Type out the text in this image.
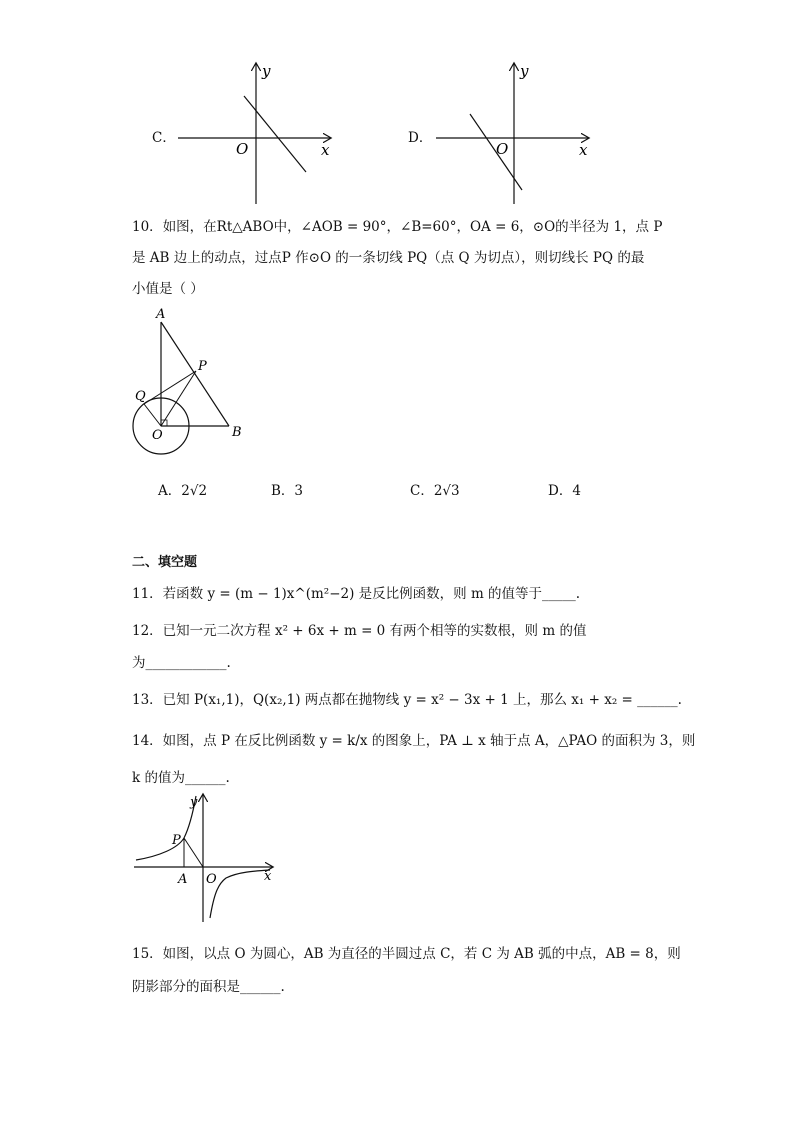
C．
y
x
O
D．
y
x
O
10．如图，在Rt△ABO中，∠AOB = 90°，∠B=60°，OA = 6，⊙O的半径为 1，点 P
是 AB 边上的动点，过点P 作⊙O 的一条切线 PQ（点 Q 为切点），则切线长 PQ 的最
小值是（ ）
A
P
Q
O	B
A．2√2	B．3	C．2√3	D．4
二、填空题
11．若函数 y = (m − 1)x^(m²−2) 是反比例函数，则 m 的值等于_____.
12．已知一元二次方程 x² + 6x + m = 0 有两个相等的实数根，则 m 的值
为____________.
13．已知 P(x₁,1)，Q(x₂,1) 两点都在抛物线 y = x² − 3x + 1 上，那么 x₁ + x₂ = ______.
14．如图，点 P 在反比例函数 y = k/x 的图象上，PA ⊥ x 轴于点 A，△PAO 的面积为 3，则
k 的值为______.
y
P
A O	x
15．如图，以点 O 为圆心，AB 为直径的半圆过点 C，若 C 为 AB 弧的中点，AB = 8，则
阴影部分的面积是______.
